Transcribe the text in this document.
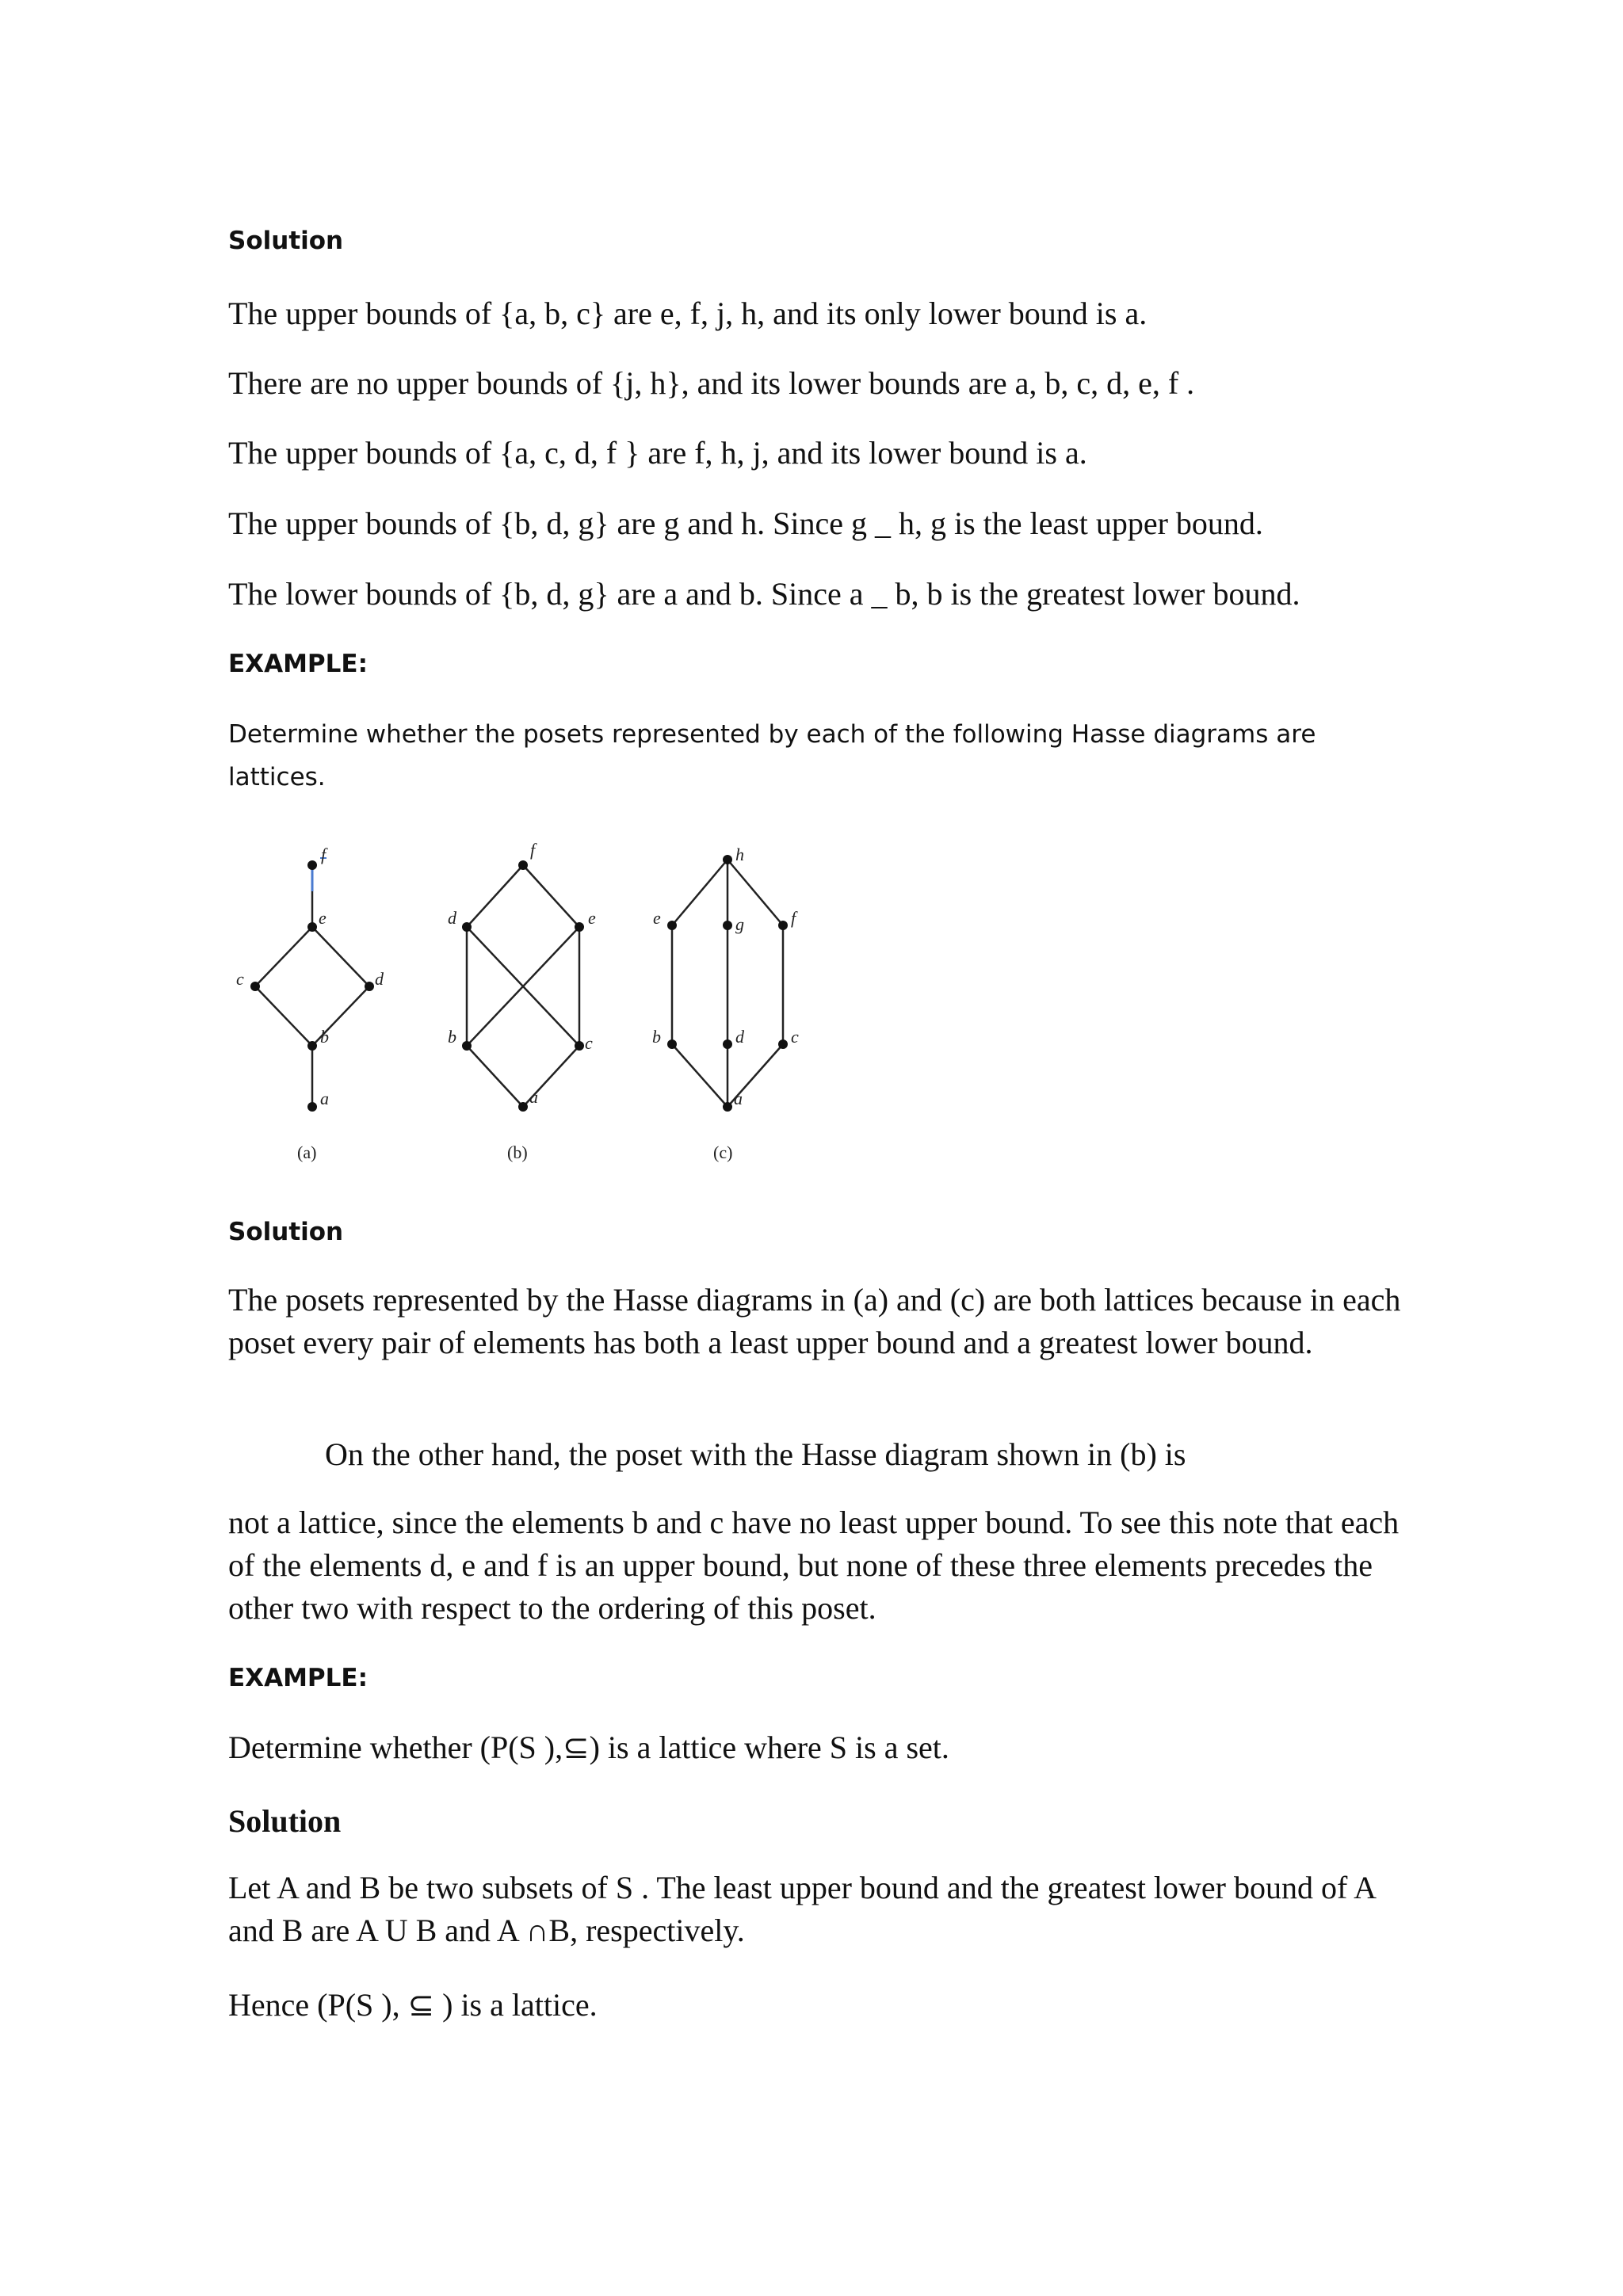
Solution
The upper bounds of {a, b, c} are e, f, j, h, and its only lower bound is a.
There are no upper bounds of {j, h}, and its lower bounds are a, b, c, d, e, f .
The upper bounds of {a, c, d, f } are f, h, j, and its lower bound is a.
The upper bounds of {b, d, g} are g and h. Since g _ h, g is the least upper bound.
The lower bounds of {b, d, g} are a and b. Since a _ b, b is the greatest lower bound.
EXAMPLE:
Determine whether the posets represented by each of the following Hasse diagrams are lattices.
f
e
c	d
b
a
f
d	e
b	c
a
h
e	g	f
b	d	c
a
(a)	(b)	(c)
Solution
The posets represented by the Hasse diagrams in (a) and (c) are both lattices because in each poset every pair of elements has both a least upper bound and a greatest lower bound.
On the other hand, the poset with the Hasse diagram shown in (b) is
not a lattice, since the elements b and c have no least upper bound. To see this note that each of the elements d, e and f is an upper bound, but none of these three elements precedes the other two with respect to the ordering of this poset.
EXAMPLE:
Determine whether (P(S ),⊆) is a lattice where S is a set.
Solution
Let A and B be two subsets of S . The least upper bound and the greatest lower bound of A and B are A U B and A ∩B, respectively.
Hence (P(S ), ⊆ ) is a lattice.
